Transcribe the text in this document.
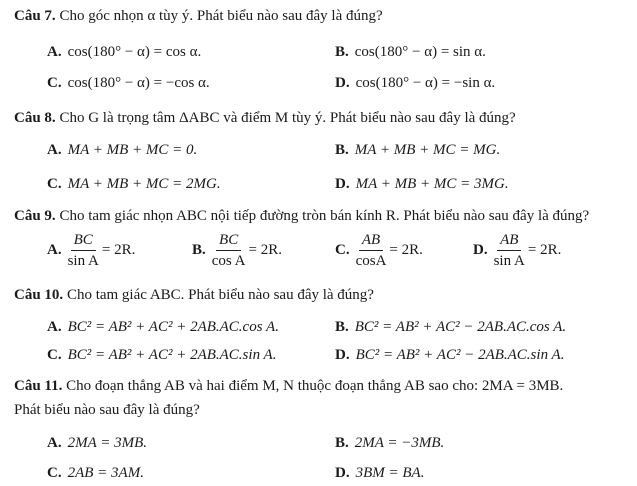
Câu 7. Cho góc nhọn α tùy ý. Phát biểu nào sau đây là đúng?
A. cos(180° − α) = cos α.	B. cos(180° − α) = sin α.
C. cos(180° − α) = −cos α.	D. cos(180° − α) = −sin α.
Câu 8. Cho G là trọng tâm ΔABC và điểm M tùy ý. Phát biểu nào sau đây là đúng?
A. MA + MB + MC = 0.	B. MA + MB + MC = MG.
C. MA + MB + MC = 2MG.	D. MA + MB + MC = 3MG.
Câu 9. Cho tam giác nhọn ABC nội tiếp đường tròn bán kính R. Phát biểu nào sau đây là đúng?
A. $\frac{BC}{\text{sin A}} = 2R$.	B. $\frac{BC}{\text{cos A}} = 2R$.	C. $\frac{AB}{\cos A} = 2R$.	D. $\frac{AB}{\text{sin A}} = 2R$.
Câu 10. Cho tam giác ABC. Phát biểu nào sau đây là đúng?
A. BC² = AB² + AC² + 2AB.AC.cos A.	B. BC² = AB² + AC² − 2AB.AC.cos A.
C. BC² = AB² + AC² + 2AB.AC.sin A.	D. BC² = AB² + AC² − 2AB.AC.sin A.
Câu 11. Cho đoạn thẳng AB và hai điểm M, N thuộc đoạn thẳng AB sao cho: 2MA = 3MB.
Phát biểu nào sau đây là đúng?
A. 2MA = 3MB.	B. 2MA = −3MB.
C. 2AB = 3AM.	D. 3BM = BA.
